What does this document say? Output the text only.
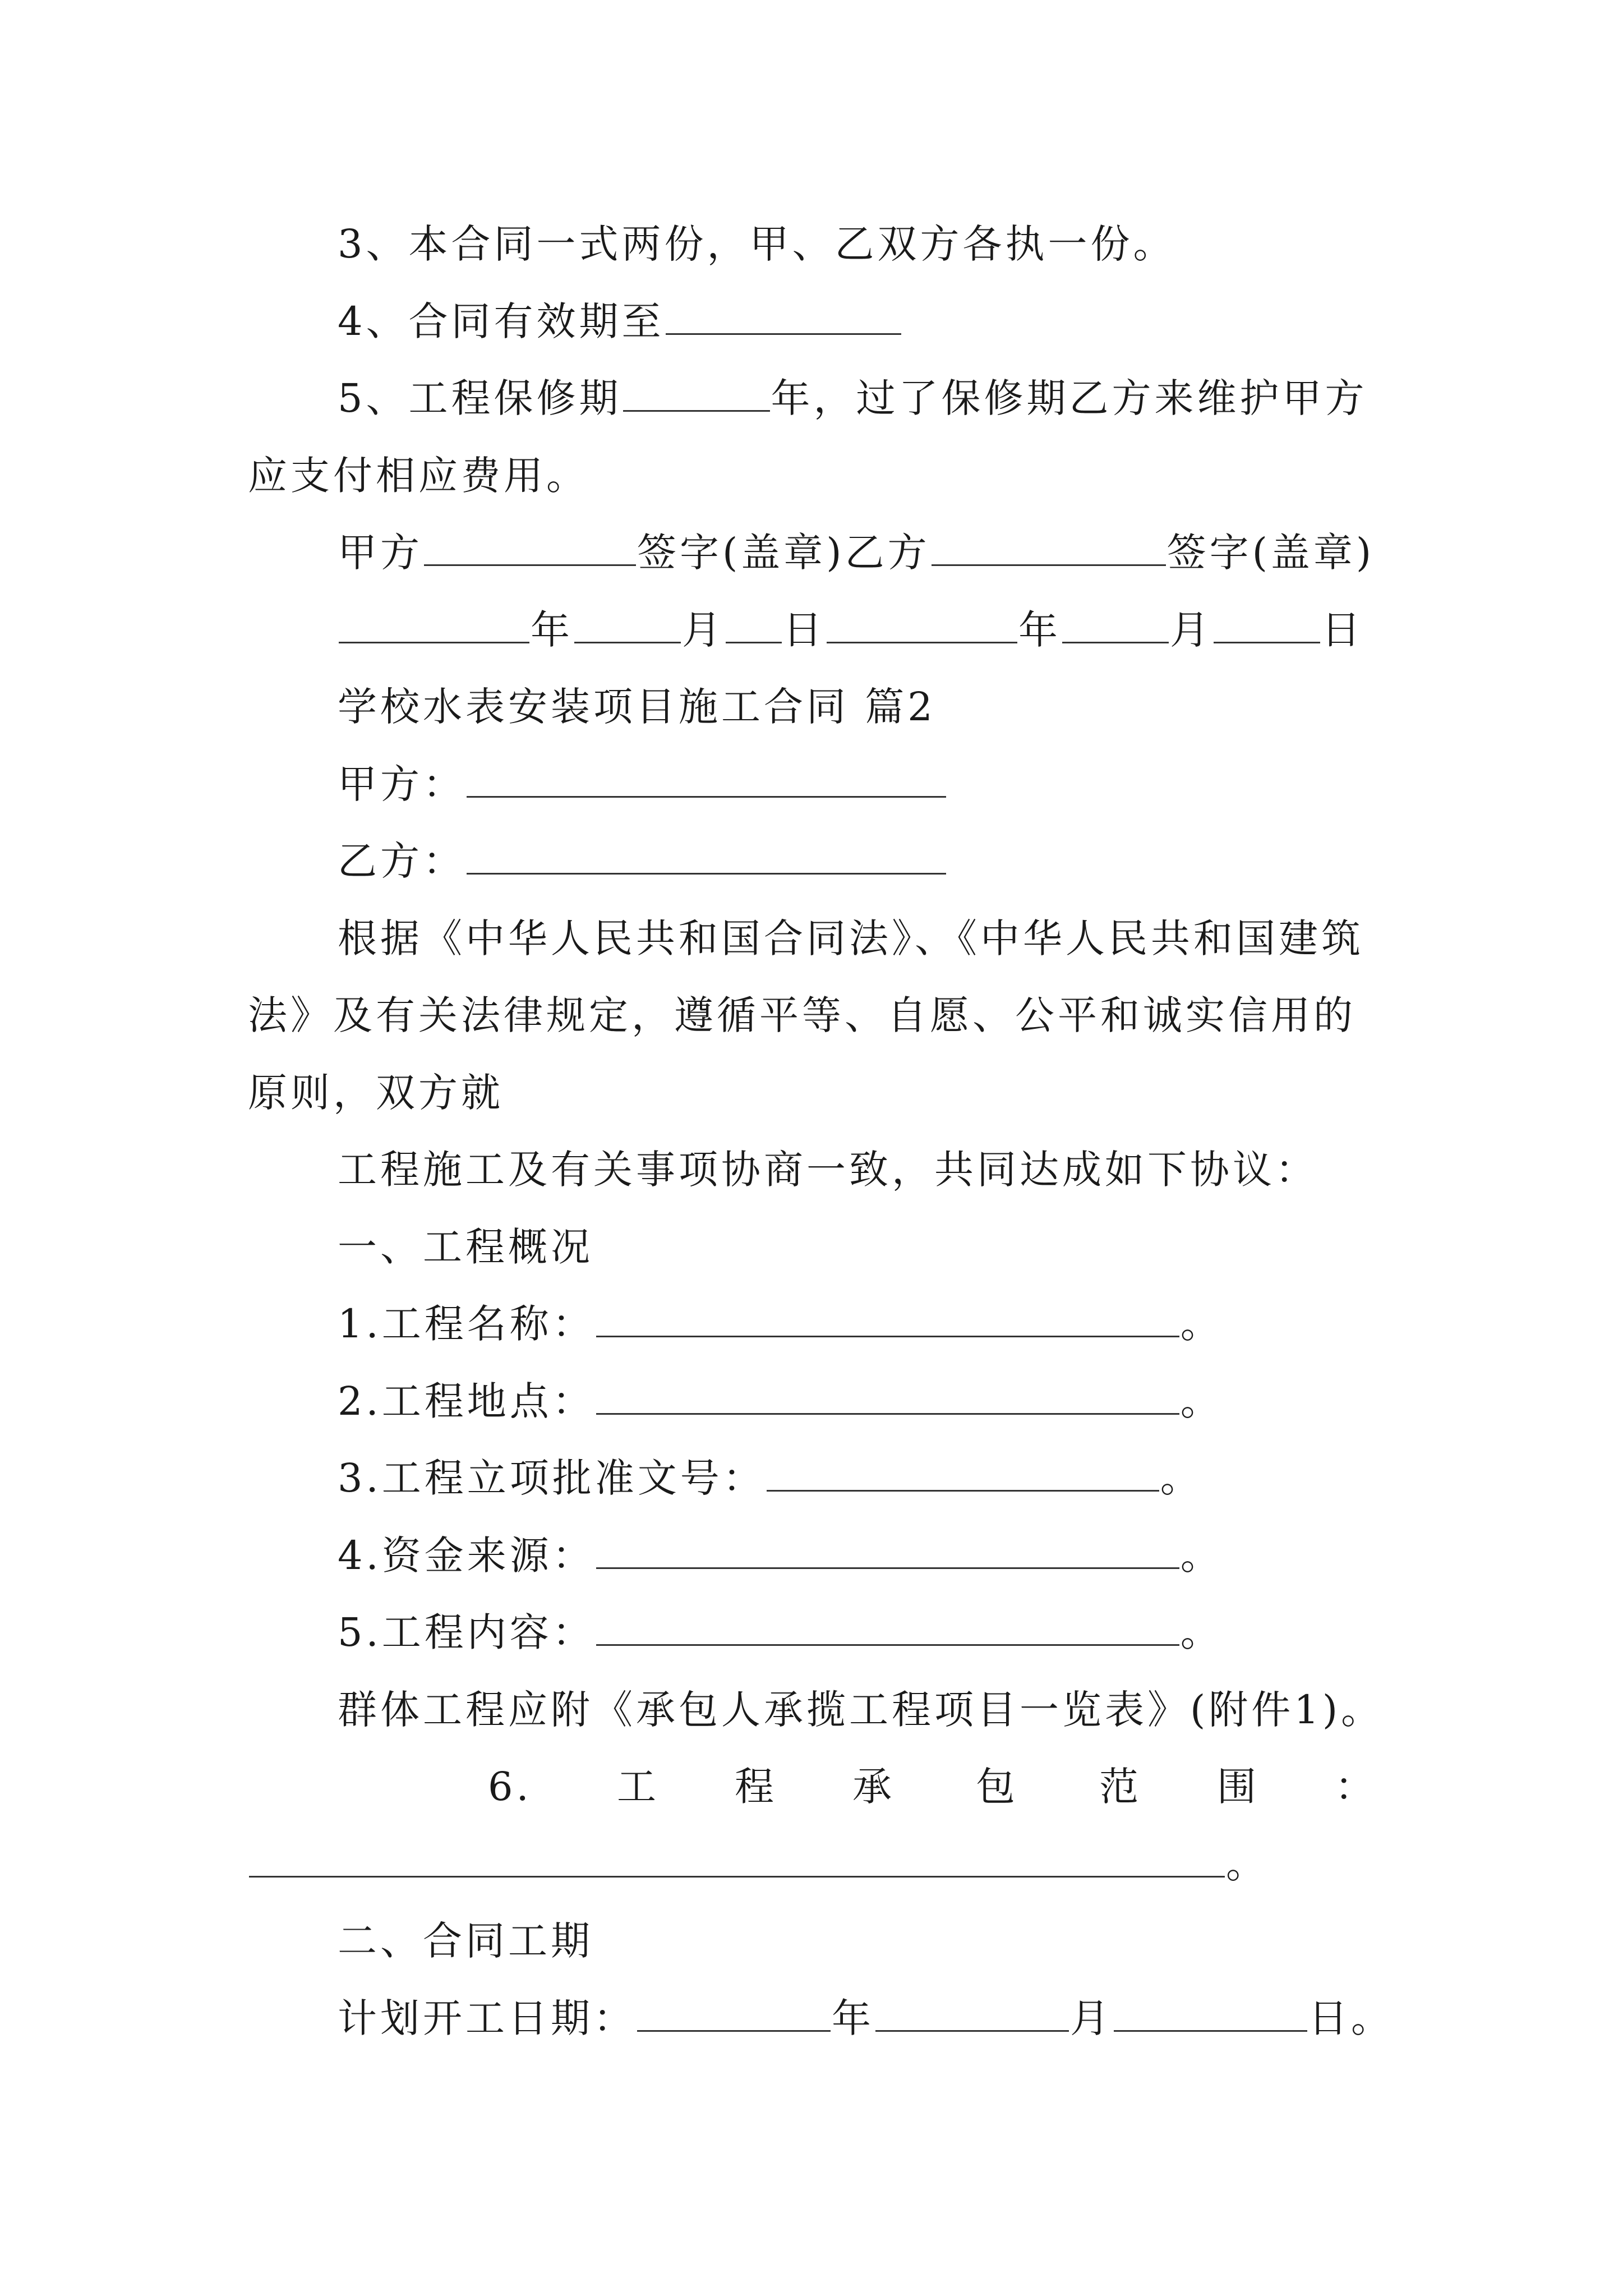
3、本合同一式两份，甲、乙双方各执一份。
4、合同有效期至
5、工程保修期	年，过了保修期乙方来维护甲方
应支付相应费用。
甲方	签字(盖章)乙方	签字(盖章)
年	月 日	年	月	日
学校水表安装项目施工合同 篇2
甲方：
乙方：
根据《中华人民共和国合同法》、《中华人民共和国建筑
法》及有关法律规定，遵循平等、自愿、公平和诚实信用的
原则，双方就
工程施工及有关事项协商一致，共同达成如下协议：
一、工程概况
1.工程名称：	。
2.工程地点：	。
3.工程立项批准文号：	。
4.资金来源：	。
5.工程内容：	。
群体工程应附《承包人承揽工程项目一览表》(附件1)。
6. 工 程 承 包 范 围 ：
。
二、合同工期
计划开工日期：	年	月	日。
